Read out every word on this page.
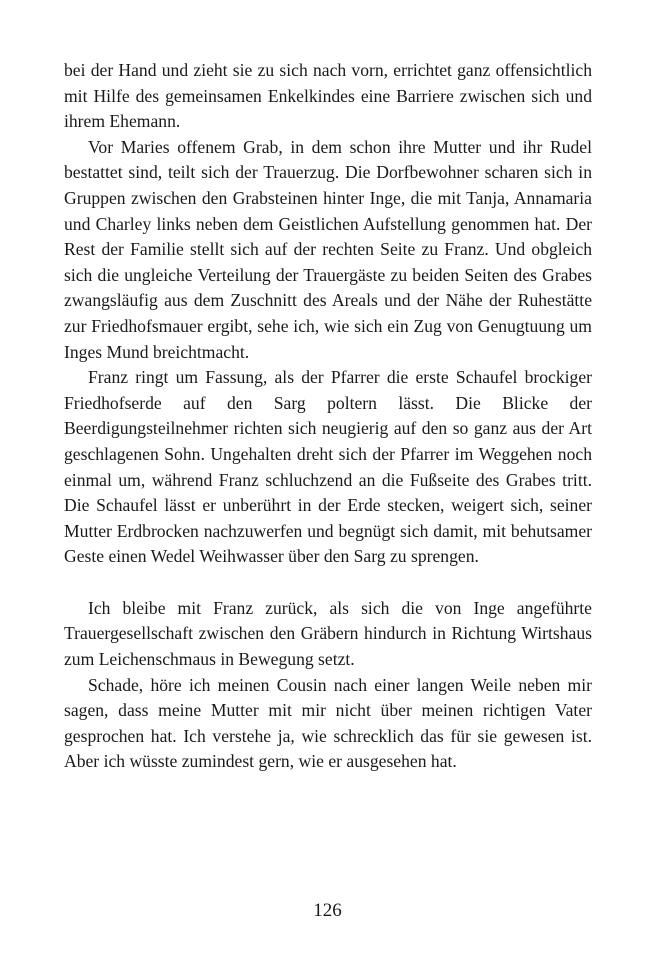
bei der Hand und zieht sie zu sich nach vorn, errichtet ganz offensichtlich mit Hilfe des gemeinsamen Enkelkindes eine Barriere zwischen sich und ihrem Ehemann.

Vor Maries offenem Grab, in dem schon ihre Mutter und ihr Rudel bestattet sind, teilt sich der Trauerzug. Die Dorfbewohner scharen sich in Gruppen zwischen den Grabsteinen hinter Inge, die mit Tanja, Annamaria und Charley links neben dem Geistlichen Aufstellung genommen hat. Der Rest der Familie stellt sich auf der rechten Seite zu Franz. Und obgleich sich die ungleiche Verteilung der Trauergäste zu beiden Seiten des Grabes zwangsläufig aus dem Zuschnitt des Areals und der Nähe der Ruhestätte zur Friedhofsmauer ergibt, sehe ich, wie sich ein Zug von Genugtuung um Inges Mund breichtmacht.

Franz ringt um Fassung, als der Pfarrer die erste Schaufel brockiger Friedhofserde auf den Sarg poltern lässt. Die Blicke der Beerdigungsteilnehmer richten sich neugierig auf den so ganz aus der Art geschlagenen Sohn. Ungehalten dreht sich der Pfarrer im Weggehen noch einmal um, während Franz schluchzend an die Fußseite des Grabes tritt. Die Schaufel lässt er unberührt in der Erde stecken, weigert sich, seiner Mutter Erdbrocken nachzuwerfen und begnügt sich damit, mit behutsamer Geste einen Wedel Weihwasser über den Sarg zu sprengen.

Ich bleibe mit Franz zurück, als sich die von Inge angeführte Trauergesellschaft zwischen den Gräbern hindurch in Richtung Wirtshaus zum Leichenschmaus in Bewegung setzt.

Schade, höre ich meinen Cousin nach einer langen Weile neben mir sagen, dass meine Mutter mit mir nicht über meinen richtigen Vater gesprochen hat. Ich verstehe ja, wie schrecklich das für sie gewesen ist. Aber ich wüsste zumindest gern, wie er ausgesehen hat.

126
